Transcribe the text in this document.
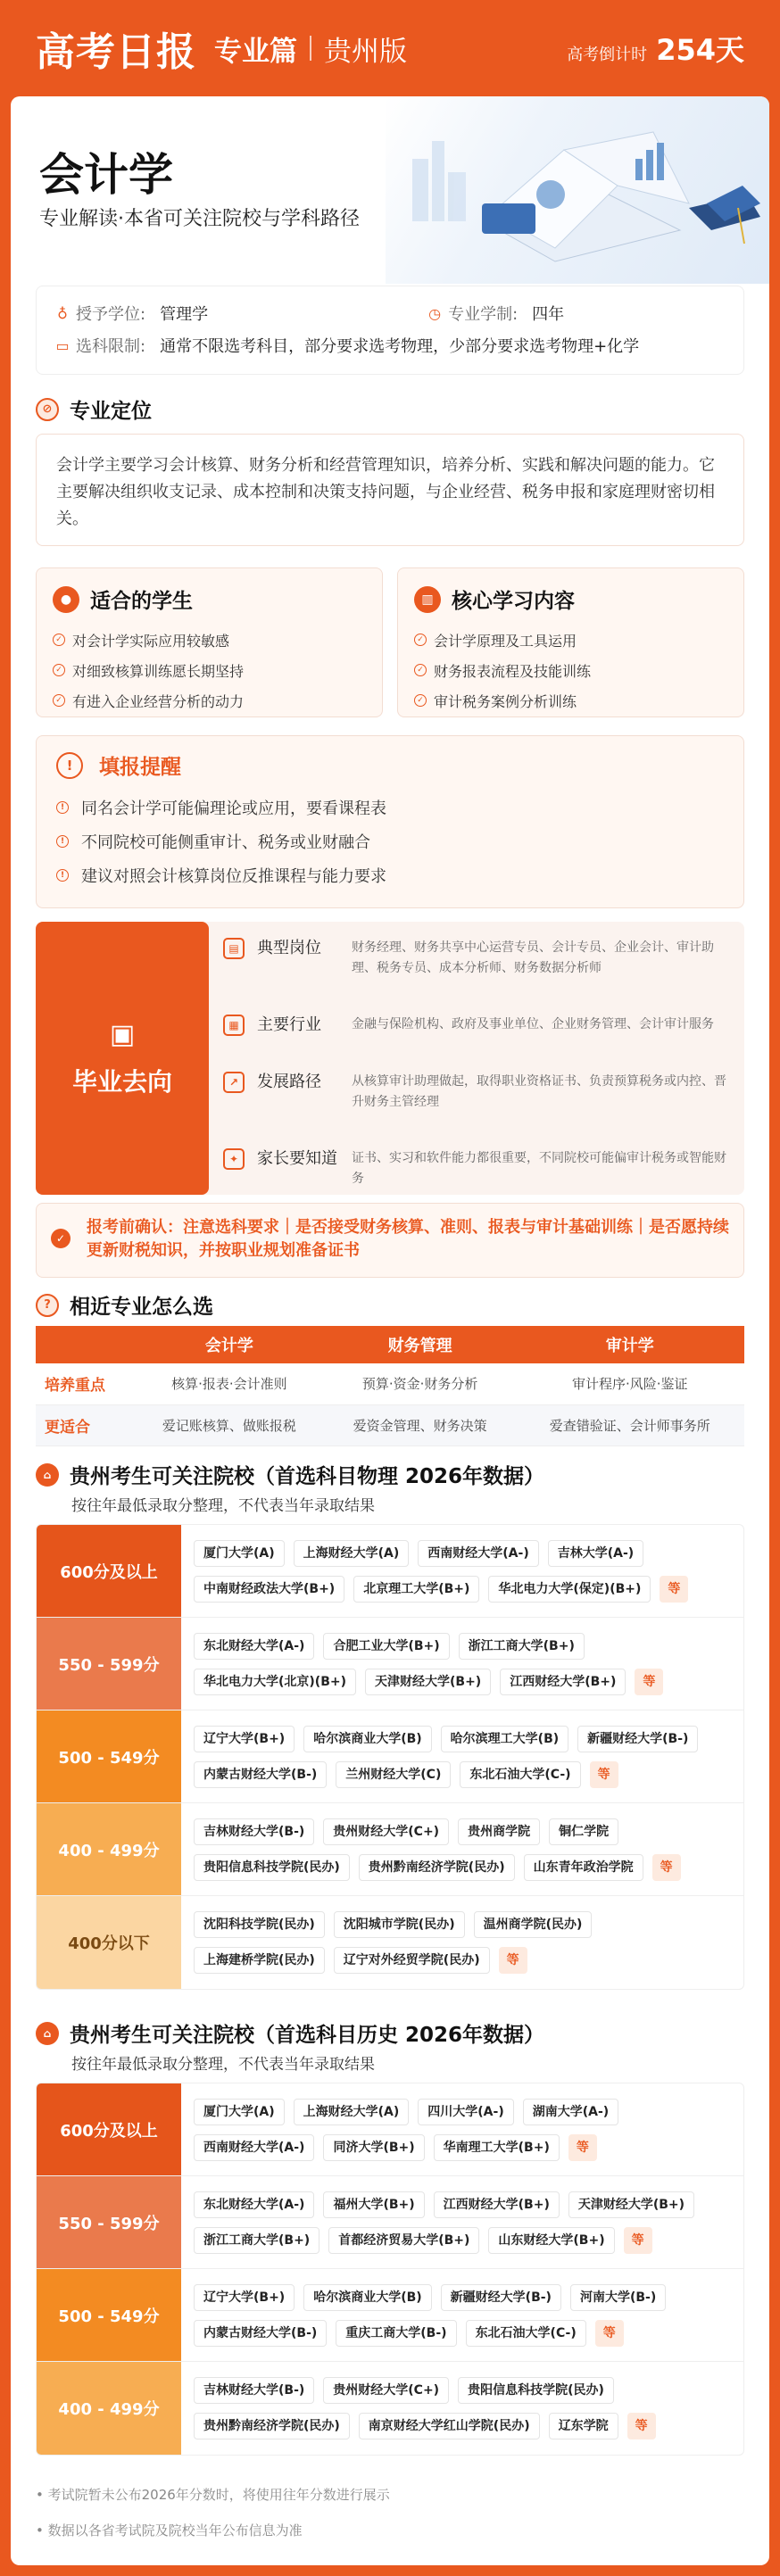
高考日报 专业篇 贵州版	高考倒计时 254天
会计学
专业解读·本省可关注院校与学科路径
♁ 授予学位: 管理学	◷ 专业学制: 四年
▭ 选科限制: 通常不限选考科目，部分要求选考物理，少部分要求选考物理+化学
⊘ 专业定位
会计学主要学习会计核算、财务分析和经营管理知识，培养分析、实践和解决问题的能力。它主要解决组织收支记录、成本控制和决策支持问题，与企业经营、税务申报和家庭理财密切相关。
● 适合的学生
✓ 对会计学实际应用较敏感
✓ 对细致核算训练愿长期坚持
✓ 有进入企业经营分析的动力
▥ 核心学习内容
✓ 会计学原理及工具运用
✓ 财务报表流程及技能训练
✓ 审计税务案例分析训练
!	填报提醒
! 同名会计学可能偏理论或应用，要看课程表
! 不同院校可能侧重审计、税务或业财融合
! 建议对照会计核算岗位反推课程与能力要求
▣
毕业去向
▤	典型岗位	财务经理、财务共享中心运营专员、会计专员、企业会计、审计助理、税务专员、成本分析师、财务数据分析师
▦	主要行业	金融与保险机构、政府及事业单位、企业财务管理、会计审计服务
↗	发展路径	从核算审计助理做起，取得职业资格证书、负责预算税务或内控、晋升财务主管经理
✦	家长要知道	证书、实习和软件能力都很重要，不同院校可能偏审计税务或智能财务
✓
报考前确认：注意选科要求｜是否接受财务核算、准则、报表与审计基础训练｜是否愿持续更新财税知识，并按职业规划准备证书
? 相近专业怎么选
	会计学	财务管理	审计学
培养重点	核算·报表·会计准则	预算·资金·财务分析	审计程序·风险·鉴证
更适合	爱记账核算、做账报税	爱资金管理、财务决策	爱查错验证、会计师事务所
⌂ 贵州考生可关注院校（首选科目物理 2026年数据）
按往年最低录取分整理，不代表当年录取结果
600分及以上
厦门大学(A)	上海财经大学(A)	西南财经大学(A-)	吉林大学(A-)
中南财经政法大学(B+)	北京理工大学(B+)	华北电力大学(保定)(B+)	等
550 - 599分
东北财经大学(A-)	合肥工业大学(B+)	浙江工商大学(B+)
华北电力大学(北京)(B+)	天津财经大学(B+)	江西财经大学(B+)	等
500 - 549分
辽宁大学(B+)	哈尔滨商业大学(B)	哈尔滨理工大学(B)	新疆财经大学(B-)
内蒙古财经大学(B-)	兰州财经大学(C)	东北石油大学(C-)	等
400 - 499分
吉林财经大学(B-)	贵州财经大学(C+)	贵州商学院	铜仁学院
贵阳信息科技学院(民办)	贵州黔南经济学院(民办)	山东青年政治学院	等
400分以下
沈阳科技学院(民办)	沈阳城市学院(民办)	温州商学院(民办)
上海建桥学院(民办)	辽宁对外经贸学院(民办)	等
⌂ 贵州考生可关注院校（首选科目历史 2026年数据）
按往年最低录取分整理，不代表当年录取结果
600分及以上
厦门大学(A)	上海财经大学(A)	四川大学(A-)	湖南大学(A-)
西南财经大学(A-)	同济大学(B+)	华南理工大学(B+)	等
550 - 599分
东北财经大学(A-)	福州大学(B+)	江西财经大学(B+)	天津财经大学(B+)
浙江工商大学(B+)	首都经济贸易大学(B+)	山东财经大学(B+)	等
500 - 549分
辽宁大学(B+)	哈尔滨商业大学(B)	新疆财经大学(B-)	河南大学(B-)
内蒙古财经大学(B-)	重庆工商大学(B-)	东北石油大学(C-)	等
400 - 499分
吉林财经大学(B-)	贵州财经大学(C+)	贵阳信息科技学院(民办)
贵州黔南经济学院(民办)	南京财经大学红山学院(民办)	辽东学院	等
• 考试院暂未公布2026年分数时，将使用往年分数进行展示
• 数据以各省考试院及院校当年公布信息为准
